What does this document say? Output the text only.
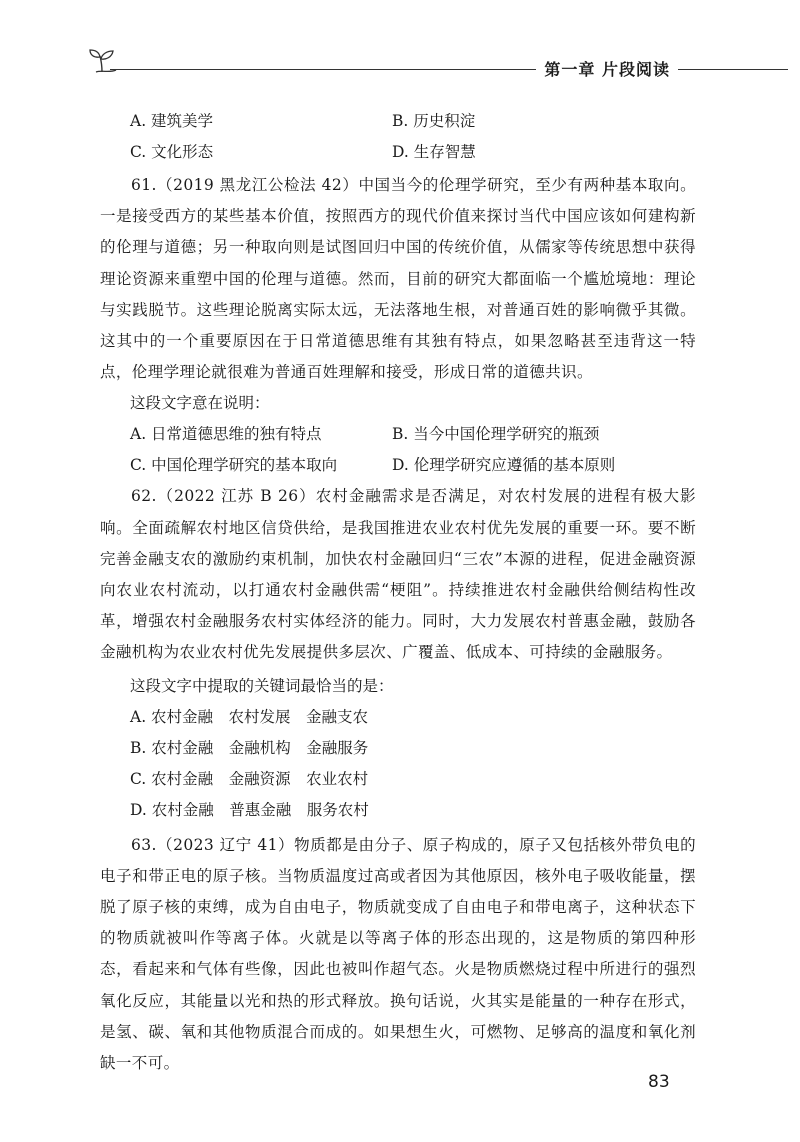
第一章 片段阅读
A. 建筑美学	B. 历史积淀
C. 文化形态	D. 生存智慧

61.（2019 黑龙江公检法 42）中国当今的伦理学研究，至少有两种基本取向。一是接受西方的某些基本价值，按照西方的现代价值来探讨当代中国应该如何建构新的伦理与道德；另一种取向则是试图回归中国的传统价值，从儒家等传统思想中获得理论资源来重塑中国的伦理与道德。然而，目前的研究大都面临一个尴尬境地：理论与实践脱节。这些理论脱离实际太远，无法落地生根，对普通百姓的影响微乎其微。这其中的一个重要原因在于日常道德思维有其独有特点，如果忽略甚至违背这一特点，伦理学理论就很难为普通百姓理解和接受，形成日常的道德共识。

这段文字意在说明：
A. 日常道德思维的独有特点	B. 当今中国伦理学研究的瓶颈
C. 中国伦理学研究的基本取向	D. 伦理学研究应遵循的基本原则

62.（2022 江苏 B 26）农村金融需求是否满足，对农村发展的进程有极大影响。全面疏解农村地区信贷供给，是我国推进农业农村优先发展的重要一环。要不断完善金融支农的激励约束机制，加快农村金融回归“三农”本源的进程，促进金融资源向农业农村流动，以打通农村金融供需“梗阻”。持续推进农村金融供给侧结构性改革，增强农村金融服务农村实体经济的能力。同时，大力发展农村普惠金融，鼓励各金融机构为农业农村优先发展提供多层次、广覆盖、低成本、可持续的金融服务。

这段文字中提取的关键词最恰当的是：
A. 农村金融　农村发展　金融支农
B. 农村金融　金融机构　金融服务
C. 农村金融　金融资源　农业农村
D. 农村金融　普惠金融　服务农村

63.（2023 辽宁 41）物质都是由分子、原子构成的，原子又包括核外带负电的电子和带正电的原子核。当物质温度过高或者因为其他原因，核外电子吸收能量，摆脱了原子核的束缚，成为自由电子，物质就变成了自由电子和带电离子，这种状态下的物质就被叫作等离子体。火就是以等离子体的形态出现的，这是物质的第四种形态，看起来和气体有些像，因此也被叫作超气态。火是物质燃烧过程中所进行的强烈氧化反应，其能量以光和热的形式释放。换句话说，火其实是能量的一种存在形式，是氢、碳、氧和其他物质混合而成的。如果想生火，可燃物、足够高的温度和氧化剂缺一不可。

83
